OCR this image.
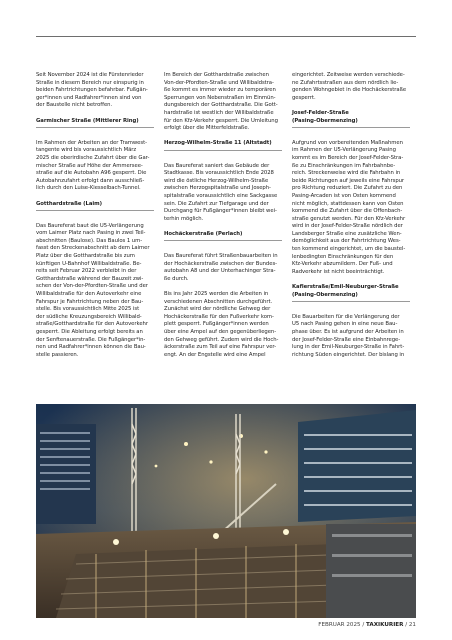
Seit November 2024 ist die Fürstenrieder

Straße in diesem Bereich nur einspurig in

beiden Fahrtrichtungen befahrbar. Fußgän-

ger*innen und Radfahrer*innen sind von

der Baustelle nicht betroffen.

Garmischer Straße (Mittlerer Ring)

Im Rahmen der Arbeiten an der Tramwest-

tangente wird bis voraussichtlich März

2025 die oberirdische Zufahrt über die Gar-

mischer Straße auf Höhe der Ammersee-

straße auf die Autobahn A96 gesperrt. Die

Autobahnzufahrt erfolgt dann ausschließ-

lich durch den Luise-Kiesselbach-Tunnel.

Gotthardstraße (Laim)

Das Baureferat baut die U5-Verlängerung

vom Laimer Platz nach Pasing in zwei Teil-

abschnitten (Baulose). Das Baulos 1 um-

fasst den Streckenabschnitt ab dem Laimer

Platz über die Gotthardstraße bis zum

künftigen U-Bahnhof Willibaldstraße. Be-

reits seit Februar 2022 verbleibt in der

Gotthardstraße während der Bauzeit zwi-

schen der Von-der-Pfordten-Straße und der

Willibaldstraße für den Autoverkehr eine

Fahrspur je Fahrtrichtung neben der Bau-

stelle. Bis voraussichtlich Mitte 2025 ist

der südliche Kreuzungsbereich Willibald-

straße/Gotthardstraße für den Autoverkehr

gesperrt. Die Ableitung erfolgt bereits an

der Senftenauerstraße. Die Fußgänger*in-

nen und Radfahrer*innen können die Bau-

stelle passieren.

Im Bereich der Gotthardstraße zwischen

Von-der-Pfordten-Straße und Willibaldstra-

ße kommt es immer wieder zu temporären

Sperrungen von Nebenstraßen im Einmün-

dungsbereich der Gotthardstraße. Die Gott-

hardstraße ist westlich der Willibaldstraße

für den Kfz-Verkehr gesperrt. Die Umleitung

erfolgt über die Mitterfeldstraße.

Herzog-Wilhelm-Straße 11 (Altstadt)

Das Baureferat saniert das Gebäude der

Stadtkasse. Bis voraussichtlich Ende 2028

wird die östliche Herzog-Wilhelm-Straße

zwischen Herzogspitalstraße und Joseph-

spitalstraße voraussichtlich eine Sackgasse

sein. Die Zufahrt zur Tiefgarage und der

Durchgang für Fußgänger*innen bleibt wei-

terhin möglich.

Hochäckerstraße (Perlach)

Das Baureferat führt Straßenbauarbeiten in

der Hochäckerstraße zwischen der Bundes-

autobahn A8 und der Unterhachinger Stra-

ße durch.

Bis ins Jahr 2025 werden die Arbeiten in

verschiedenen Abschnitten durchgeführt.

Zunächst wird der nördliche Gehweg der

Hochäckerstraße für den Fußverkehr kom-

plett gesperrt. Fußgänger*innen werden

über eine Ampel auf den gegenüberliegen-

den Gehweg geführt. Zudem wird die Hoch-

äckerstraße zum Teil auf eine Fahrspur ver-

engt. An der Engstelle wird eine Ampel

eingerichtet. Zeitweise werden verschiede-

ne Zufahrtsstraßen aus dem nördlich lie-

genden Wohngebiet in die Hochäckerstraße

gesperrt.

Josef-Felder-Straße

(Pasing-Obermenzing)

Aufgrund von vorbereitenden Maßnahmen

im Rahmen der U5-Verlängerung Pasing

kommt es im Bereich der Josef-Felder-Stra-

ße zu Einschränkungen im Fahrbahnbe-

reich. Streckenweise wird die Fahrbahn in

beide Richtungen auf jeweils eine Fahrspur

pro Richtung reduziert. Die Zufahrt zu den

Pasing-Arcaden ist von Osten kommend

nicht möglich, stattdessen kann von Osten

kommend die Zufahrt über die Offenbach-

straße genutzt werden. Für den Kfz-Verkehr

wird in der Josef-Felder-Straße nördlich der

Landsberger Straße eine zusätzliche Wen-

demöglichkeit aus der Fahrtrichtung Wes-

ten kommend eingerichtet, um die baustel-

lenbedingten Einschränkungen für den

Kfz-Verkehr abzumildern. Der Fuß- und

Radverkehr ist nicht beeinträchtigt.

Kaflerstraße/Emil-Neuburger-Straße

(Pasing-Obermenzing)

Die Bauarbeiten für die Verlängerung der

U5 nach Pasing gehen in eine neue Bau-

phase über. Es ist aufgrund der Arbeiten in

der Josef-Felder-Straße eine Einbahnrege-

lung in der Emil-Neuburger-Straße in Fahrt-

richtung Süden eingerichtet. Der bislang in

FEBRUAR 2025 / TAXIKURIER / 21
